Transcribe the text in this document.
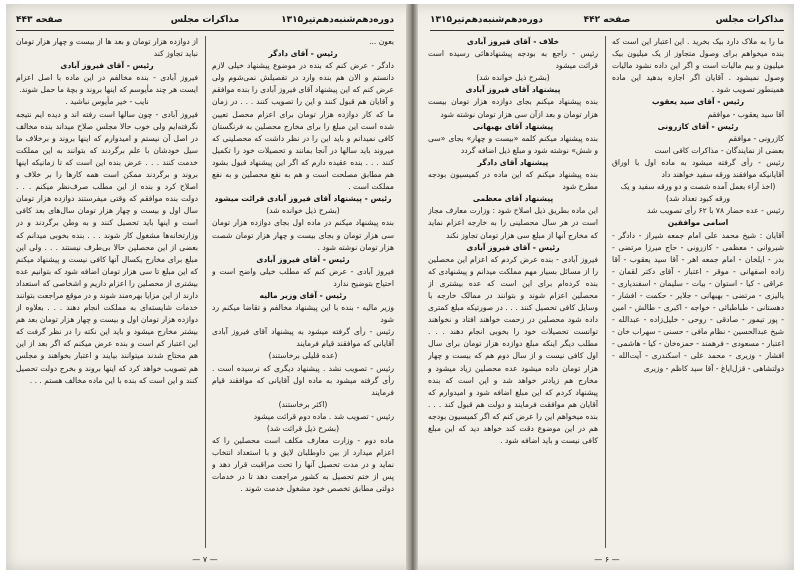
صفحه ۴۴۳	مذاکرات مجلس	دوره‌دهم‌شنبه‌دهم‌تیر‌۱۳۱۵

از دوازده هزار تومان و بعد ها از بیست و چهار هزار تومان نباید تجاوز کند

رئیس - آقای فیروز آبادی

فیروز آبادی - بنده مخالفم در این ماده با اصل اعزام ایست هر چند مأیوسم که اینها بروند و بچهٔ ما حمل شوند.

نایب - خیر مأیوس نباشید .

فیروز آبادی - چون سالها است رفته اند و دیده ایم نتیجه نگرفته‌ایم ولی خوب حالا مجلس صلاح میداند بنده مخالف در اصل آن نیستم و امیدوارم که اینها بروند و برخلاف ما سیل خودشان با علم برگردند که بتوانند به این مملکت خدمت کنند . . . عرض بنده این است که تا زمانیکه اینها بروند و برگردند ممکن است همه کارها را بر خلاف و اصلاح کرد و بنده از این مطلب صرف‌نظر میکنم . . . دولت بنده موافقم که وقتی میفرستند دوازده هزار تومان سال اول و بیست و چهار هزار تومان سال‌های بعد کافی است و اینها باید تحصیل کنند و به وطن برگردند و در وزارتخانه‌ها مشغول کار شوند . . . بنده بخوبی میدانم که بعضی از این محصلین حالا بی‌طرف نیستند . . . ولی این مبلغ برای مخارج یکسال آنها کافی نیست و پیشنهاد میکنم که این مبلغ تا سی هزار تومان اضافه شود که بتوانیم عده بیشتری از محصلین را اعزام داریم و اشخاصی که استعداد دارند از این مزایا بهره‌مند شوند و در موقع مراجعت بتوانند خدمات شایسته‌ای به مملکت انجام دهند . . . بعلاوه از دوازده هزار تومان اول و بیست و چهار هزار تومان بعد هم بیشتر مخارج میشود و باید این نکته را در نظر گرفت که این اعتبار کم است و بنده عرض میکنم که اگر بعد از این هم محتاج شدند میتوانند بیایند و اعتبار بخواهند و مجلس هم تصویب خواهد کرد که اینها بروند و بخرج دولت تحصیل کنند و این است که بنده با این ماده مخالف هستم . . .

بعون ...

رئیس - آقای دادگر

دادگر - عرض کنم که بنده در موضوع پیشنهاد خیلی لازم دانستم و الان هم بنده وارد در تفصیلش نمی‌شوم ولی عرض کنم که این پیشنهاد آقای فیروز آبادی را بنده موافقم و آقایان هم قبول کنند و این را تصویب کنند . . . در زمان ما که کار دوازده هزار تومان برای اعزام محصل تعیین شده است این مبلغ را برای مخارج محصلین به فرنگستان کافی نمیدانم و باید این را در نظر داشت که محصلینی که میروند باید سالها در آنجا بمانند و تحصیلات خود را تکمیل کنند . . . بنده عقیده دارم که اگر این پیشنهاد قبول بشود هم مطابق مصلحت است و هم به نفع محصلین و به نفع مملکت است .

رئیس - پیشنهاد آقای فیروز آبادی قرائت میشود

(بشرح ذیل خوانده شد)

بنده پیشنهاد میکنم در ماده اول بجای دوازده هزار تومان سی هزار تومان و بجای بیست و چهار هزار تومان شصت هزار تومان نوشته شود .

رئیس - آقای فیروز آبادی

فیروز آبادی - عرض کنم که مطلب خیلی واضح است و احتیاج بتوضیح ندارد

رئیس - آقای وزیر مالیه

وزیر مالیه - بنده با این پیشنهاد مخالفم و تقاضا میکنم رد شود

رئیس - رأی گرفته میشود به پیشنهاد آقای فیروز آبادی آقایانی که موافقند قیام فرمایند

(عده قلیلی برخاستند)

رئیس - تصویب نشد . پیشنهاد دیگری که نرسیده است . رأی گرفته میشود به ماده اول آقایانی که موافقند قیام فرمایند

(اکثر برخاستند)

رئیس - تصویب شد . ماده دوم قرائت میشود

(بشرح ذیل قرائت شد)

ماده دوم - وزارت معارف مکلف است محصلین را که اعزام میدارد از بین داوطلبان لایق و با استعداد انتخاب نماید و در مدت تحصیل آنها را تحت مراقبت قرار دهد و پس از ختم تحصیل به کشور مراجعت دهد تا در خدمات دولتی مطابق تخصص خود مشغول خدمت شوند .

— ۷ —
دوره‌دهم‌شنبه‌دهم‌تیر‌۱۳۱۵	صفحه ۴۴۲	مذاکرات مجلس

خلاف - آقای فیروز آبادی

رئیس - راجع به بودجه پیشنهادهائی رسیده است قرائت میشود

(بشرح ذیل خوانده شد)

پیشنهاد آقای فیروز آبادی

بنده پیشنهاد میکنم بجای دوازده هزار تومان بیست هزار تومان و بعد ازآن سی هزار تومان نوشته شود

پیشنهاد آقای بهبهانی

بنده پیشنهاد میکنم کلمه «بیست و چهار» بجای «سی و شش» نوشته شود و مبلغ ذیل اضافه گردد

پیشنهاد آقای دادگر

بنده پیشنهاد میکنم که این ماده در کمیسیون بودجه مطرح شود

پیشنهاد آقای معظمی

این ماده بطریق ذیل اصلاح شود : وزارت معارف مجاز است در هر سال محصلینی را به خارجه اعزام نماید که مخارج آنها از مبلغ سی هزار تومان تجاوز نکند

رئیس - آقای فیروز آبادی

فیروز آبادی - بنده عرض کردم که اعزام این محصلین را از مسائل بسیار مهم مملکت میدانم و پیشنهادی که بنده کرده‌ام برای این است که عده بیشتری از محصلین اعزام شوند و بتوانند در ممالک خارجه با وسایل کافی تحصیل کنند . . . در صورتیکه مبلغ کمتری داده شود محصلین در زحمت خواهند افتاد و نخواهند توانست تحصیلات خود را بخوبی انجام دهند . . . مطلب دیگر اینکه مبلغ دوازده هزار تومان برای سال اول کافی نیست و از سال دوم هم که بیست و چهار هزار تومان داده میشود عده محصلین زیاد میشود و مخارج هم زیادتر خواهد شد و این است که بنده پیشنهاد کردم که این مبلغ اضافه شود و امیدوارم که آقایان هم موافقت فرمایند و دولت هم قبول کند . . . بنده میخواهم این را عرض کنم که اگر کمیسیون بودجه هم در این موضوع دقت کند خواهد دید که این مبلغ کافی نیست و باید اضافه شود .

ما را به ملاک دارد بیک بخرید . این اعتبار این است که بنده میخواهم برای وصول متجاوز از یک میلیون بیک میلیون و بیم مالیات است و اگر این داده نشود مالیات وصول نمیشود . آقایان اگر اجازه بدهید این ماده همینطور تصویب شود .

رئیس - آقای سید یعقوب

آقا سید یعقوب - موافقم

رئیس - آقای کازرونی

کازرونی - موافقم

بعضی از نمایندگان - مذاکرات کافی است

رئیس - رأی گرفته میشود به ماده اول با اوراق آقایانیکه موافقند ورقه سفید خواهند داد

(اخذ آراء بعمل آمده شصت و دو ورقه سفید و یک ورقه کبود تعداد شد)

رئیس - عده حضار ۷۸ با ۶۲ رأی تصویب شد

اسامی موافقین

آقایان : شیخ محمد علی امام جمعه شیراز - دادگر - شیروانی - معظمی - کازرونی - حاج میرزا مرتضی - بدر - ایلخان - امام جمعه اهر - آقا سید یعقوب - آقا زاده اصفهانی - موقر - اعتبار - آقای دکتر لقمان - عراقی - کیا - استوان - بیات - سلیمان - اسفندیاری - یالیزی - مرتضی - بهبهانی - جلایر - حکمت - افشار - دهستانی - طباطبائی - خواجه - اکبری - طالش - امین - پور تیمور - صادقی - روحی - خلیل‌زاده - عبدالله - شیخ عبدالحسین - نظام مافی - حسنی - سهراب خان - اعتبار - مسعودی - فرهمند - حمزه‌خان - کیا - هاشمی - افشار - وزیری - محمد علی - اسکندری - آیت‌الله - دولتشاهی - قزل‌ایاغ - آقا سید کاظم - وزیری

— ۶ —
